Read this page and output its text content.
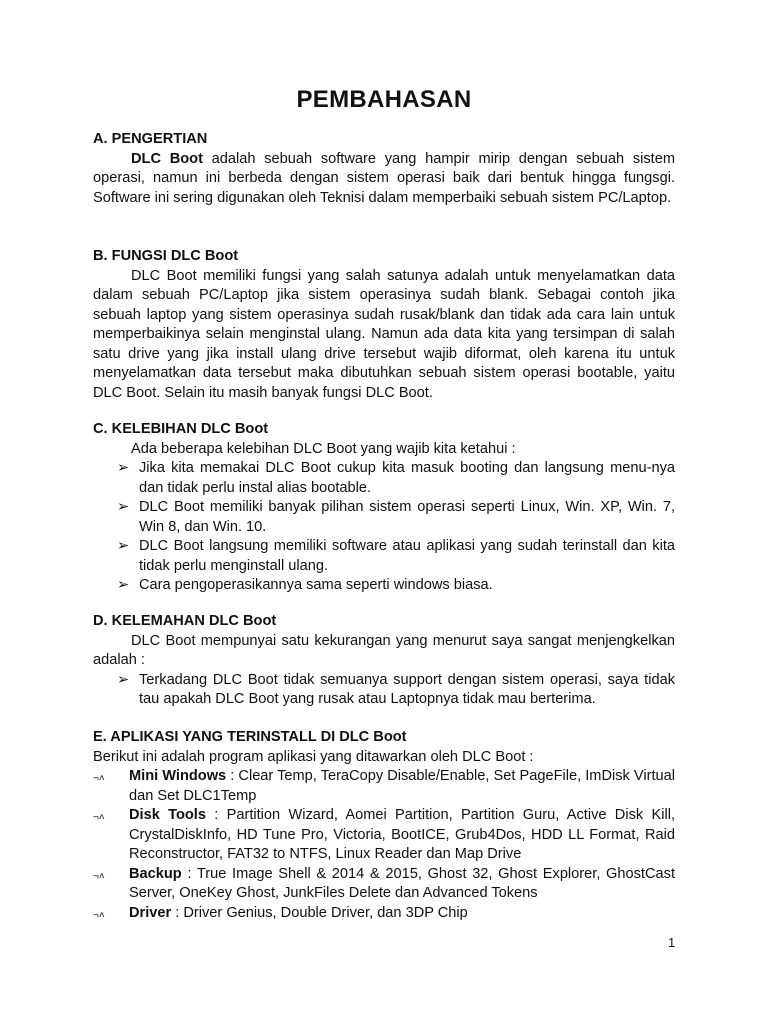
PEMBAHASAN
A. PENGERTIAN

DLC Boot adalah sebuah software yang hampir mirip dengan sebuah sistem operasi, namun ini berbeda dengan sistem operasi baik dari bentuk hingga fungsgi. Software ini sering digunakan oleh Teknisi dalam memperbaiki sebuah sistem PC/Laptop.

B. FUNGSI DLC Boot

DLC Boot memiliki fungsi yang salah satunya adalah untuk menyelamatkan data dalam sebuah PC/Laptop jika sistem operasinya sudah blank. Sebagai contoh jika sebuah laptop yang sistem operasinya sudah rusak/blank dan tidak ada cara lain untuk memperbaikinya selain menginstal ulang. Namun ada data kita yang tersimpan di salah satu drive yang jika install ulang drive tersebut wajib diformat, oleh karena itu untuk menyelamatkan data tersebut maka dibutuhkan sebuah sistem operasi bootable, yaitu DLC Boot. Selain itu masih banyak fungsi DLC Boot.

C. KELEBIHAN DLC Boot

Ada beberapa kelebihan DLC Boot yang wajib kita ketahui :

➢ Jika kita memakai DLC Boot cukup kita masuk booting dan langsung menu-nya dan tidak perlu instal alias bootable.
➢ DLC Boot memiliki banyak pilihan sistem operasi seperti Linux, Win. XP, Win. 7, Win 8, dan Win. 10.
➢ DLC Boot langsung memiliki software atau aplikasi yang sudah terinstall dan kita tidak perlu menginstall ulang.
➢ Cara pengoperasikannya sama seperti windows biasa.
D. KELEMAHAN DLC Boot

DLC Boot mempunyai satu kekurangan yang menurut saya sangat menjengkelkan adalah :

➢ Terkadang DLC Boot tidak semuanya support dengan sistem operasi, saya tidak tau apakah DLC Boot yang rusak atau Laptopnya tidak mau berterima.
E. APLIKASI YANG TERINSTALL DI DLC Boot

Berikut ini adalah program aplikasi yang ditawarkan oleh DLC Boot :

¬˄ Mini Windows : Clear Temp, TeraCopy Disable/Enable, Set PageFile, ImDisk Virtual dan Set DLC1Temp
¬˄ Disk Tools : Partition Wizard, Aomei Partition, Partition Guru, Active Disk Kill, CrystalDiskInfo, HD Tune Pro, Victoria, BootICE, Grub4Dos, HDD LL Format, Raid Reconstructor, FAT32 to NTFS, Linux Reader dan Map Drive
¬˄ Backup : True Image Shell & 2014 & 2015, Ghost 32, Ghost Explorer, GhostCast Server, OneKey Ghost, JunkFiles Delete dan Advanced Tokens
¬˄ Driver : Driver Genius, Double Driver, dan 3DP Chip
1
